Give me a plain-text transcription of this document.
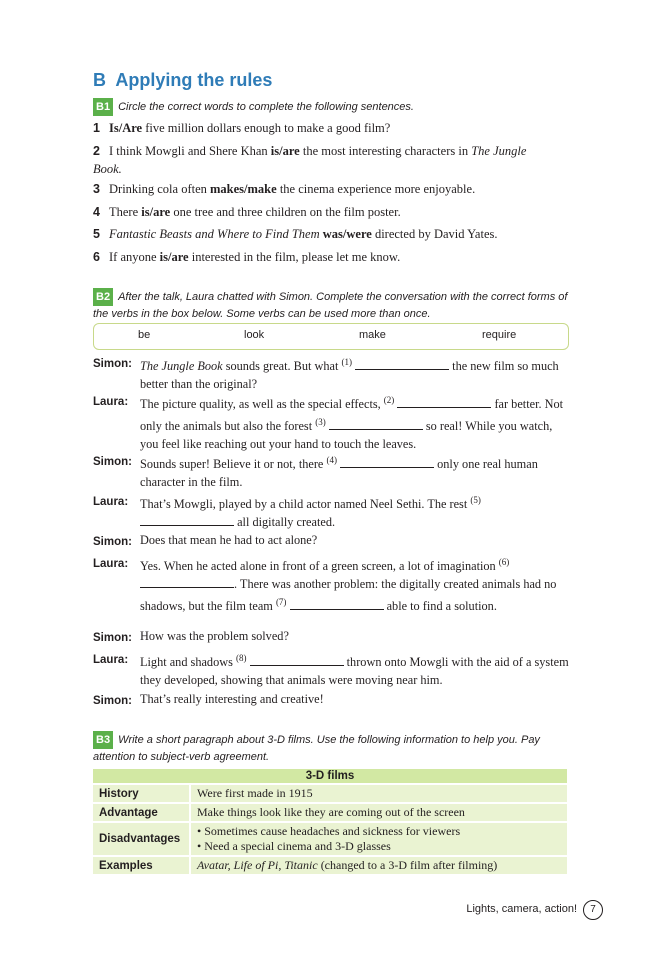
B Applying the rules
B1 Circle the correct words to complete the following sentences.
1 Is/Are five million dollars enough to make a good film?
2 I think Mowgli and Shere Khan is/are the most interesting characters in The Jungle Book.
3 Drinking cola often makes/make the cinema experience more enjoyable.
4 There is/are one tree and three children on the film poster.
5 Fantastic Beasts and Where to Find Them was/were directed by David Yates.
6 If anyone is/are interested in the film, please let me know.
B2 After the talk, Laura chatted with Simon. Complete the conversation with the correct forms of the verbs in the box below. Some verbs can be used more than once.
be	look	make	require
Simon: The Jungle Book sounds great. But what $^{(1)}$	the new film so much better than the original?
Laura: The picture quality, as well as the special effects, $^{(2)}$	far better. Not only the animals but also the forest $^{(3)}$	so real! While you watch, you feel like reaching out your hand to touch the leaves.
Simon: Sounds super! Believe it or not, there $^{(4)}$	only one real human character in the film.
Laura: That’s Mowgli, played by a child actor named Neel Sethi. The rest $^{(5)}$  all digitally created.
Simon: Does that mean he had to act alone?
Laura: Yes. When he acted alone in front of a green screen, a lot of imagination $^{(6)}$ . There was another problem: the digitally created animals had no shadows, but the film team $^{(7)}$	able to find a solution.
Simon: How was the problem solved?
Laura: Light and shadows $^{(8)}$	thrown onto Mowgli with the aid of a system they developed, showing that animals were moving near him.
Simon: That’s really interesting and creative!
B3 Write a short paragraph about 3-D films. Use the following information to help you. Pay attention to subject-verb agreement.
3-D films	
History	Were first made in 1915
Advantage	Make things look like they are coming out of the screen
Disadvantages	• Sometimes cause headaches and sickness for viewers
• Need a special cinema and 3-D glasses

Examples	Avatar, Life of Pi, Titanic (changed to a 3-D film after filming)
Lights, camera, action! 7
